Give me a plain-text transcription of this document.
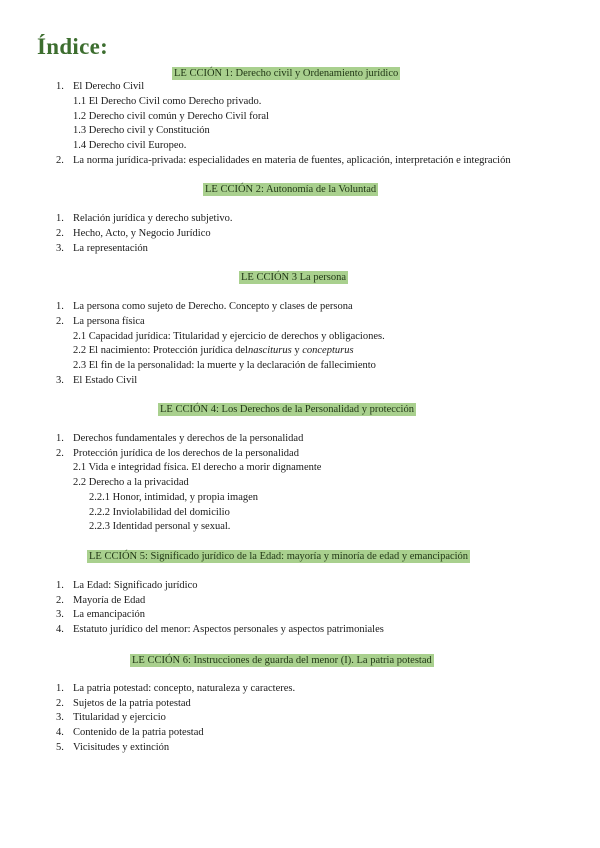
Índice:
LE CCIÓN 1: Derecho civil y Ordenamiento jurídico
1. El Derecho Civil
1.1 El Derecho Civil como Derecho privado.
1.2 Derecho civil común y Derecho Civil foral
1.3 Derecho civil y Constitución
1.4 Derecho civil Europeo.
2. La norma jurídica-privada: especialidades en materia de fuentes, aplicación, interpretación e integración
LE CCIÓN 2: Autonomía de la Voluntad
1. Relación jurídica y derecho subjetivo.
2. Hecho, Acto, y Negocio Jurídico
3. La representación
LE CCIÓN 3 La persona
1. La persona como sujeto de Derecho. Concepto y clases de persona
2. La persona física
2.1 Capacidad jurídica: Titularidad y ejercicio de derechos y obligaciones.
2.2 El nacimiento: Protección jurídica delnasciturus y concepturus
2.3 El fin de la personalidad: la muerte y la declaración de fallecimiento
3. El Estado Civil
LE CCIÓN 4: Los Derechos de la Personalidad y protección
1. Derechos fundamentales y derechos de la personalidad
2. Protección jurídica de los derechos de la personalidad
2.1 Vida e integridad física. El derecho a morir dignamente
2.2 Derecho a la privacidad
2.2.1 Honor, intimidad, y propia imagen
2.2.2 Inviolabilidad del domicilio
2.2.3 Identidad personal y sexual.
LE CCIÓN 5: Significado jurídico de la Edad: mayoría y minoría de edad y emancipación
1. La Edad: Significado jurídico
2. Mayoría de Edad
3. La emancipación
4. Estatuto jurídico del menor: Aspectos personales y aspectos patrimoniales
LE CCIÓN 6: Instrucciones de guarda del menor (I). La patria potestad
1. La patria potestad: concepto, naturaleza y caracteres.
2. Sujetos de la patria potestad
3. Titularidad y ejercicio
4. Contenido de la patria potestad
5. Vicisitudes y extinción
